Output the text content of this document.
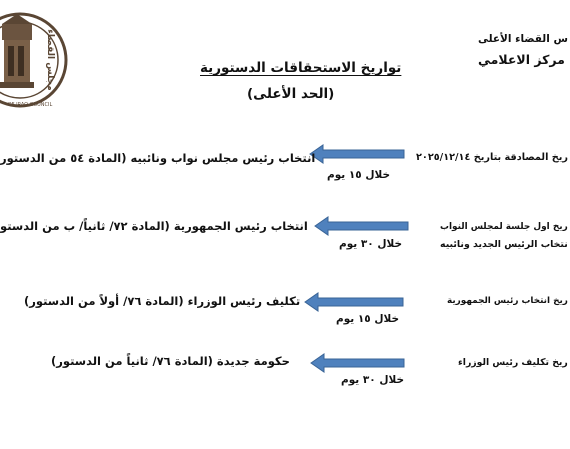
مجلس القضاء
OF IRAQ COUNCIL
س القضاء الأعلى
مركز الاعلامي
تواريخ الاستحقاقات الدستورية
(الحد الأعلى)
ريخ المصادقة بتاريخ ٢٠٢٥/١٢/١٤
خلال ١٥ يوم
انتخاب رئيس مجلس نواب ونائبيه (المادة ٥٤ من الدستور
ريخ اول جلسة لمجلس النواب
نتخاب الرئيس الجديد ونائبيه
خلال ٣٠ يوم
انتخاب رئيس الجمهورية (المادة ٧٢/ ثانياً/ ب من الدستو
ريخ انتخاب رئيس الجمهورية
خلال ١٥ يوم
تكليف رئيس الوزراء (المادة ٧٦/ أولاً من الدستور)
ريخ تكليف رئيس الوزراء
خلال ٣٠ يوم
حكومة جديدة (المادة ٧٦/ ثانياً من الدستور)
